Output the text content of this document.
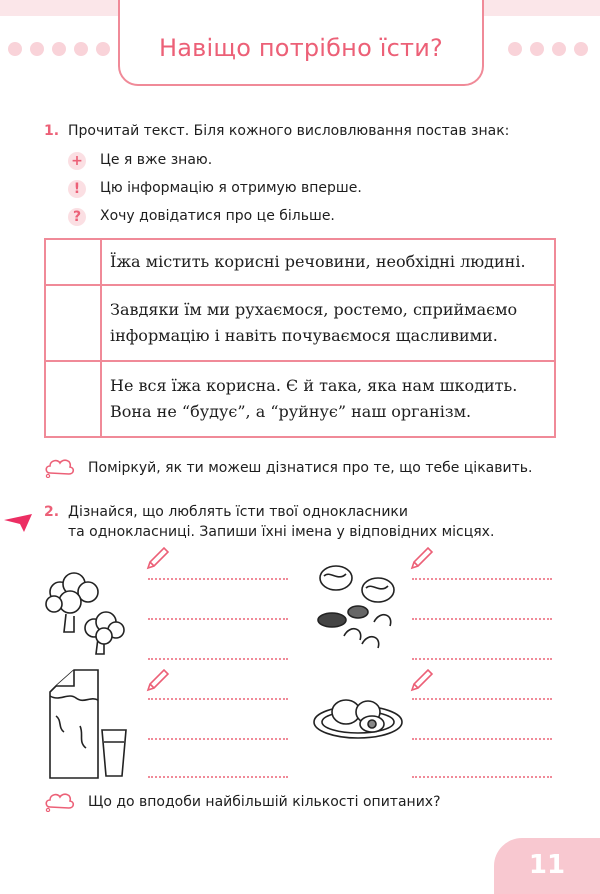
Навіщо потрібно їсти?
1. Прочитай текст. Біля кожного висловлювання постав знак:
+ Це я вже знаю.
!	Цю інформацію я отримую вперше.
?	Хочу довідатися про це більше.
	Їжа містить корисні речовини, необхідні людині.
	Завдяки їм ми рухаємося, ростемо, сприймаємо інформацію і навіть почуваємося щасливими.
	Не вся їжа корисна. Є й така, яка нам шкодить. Вона не “будує”, а “руйнує” наш організм.
Поміркуй, як ти можеш дізнатися про те, що тебе цікавить.
2. Дізнайся, що люблять їсти твої однокласники
та однокласниці. Запиши їхні імена у відповідних місцях.
Що до вподоби найбільшій кількості опитаних?
11
